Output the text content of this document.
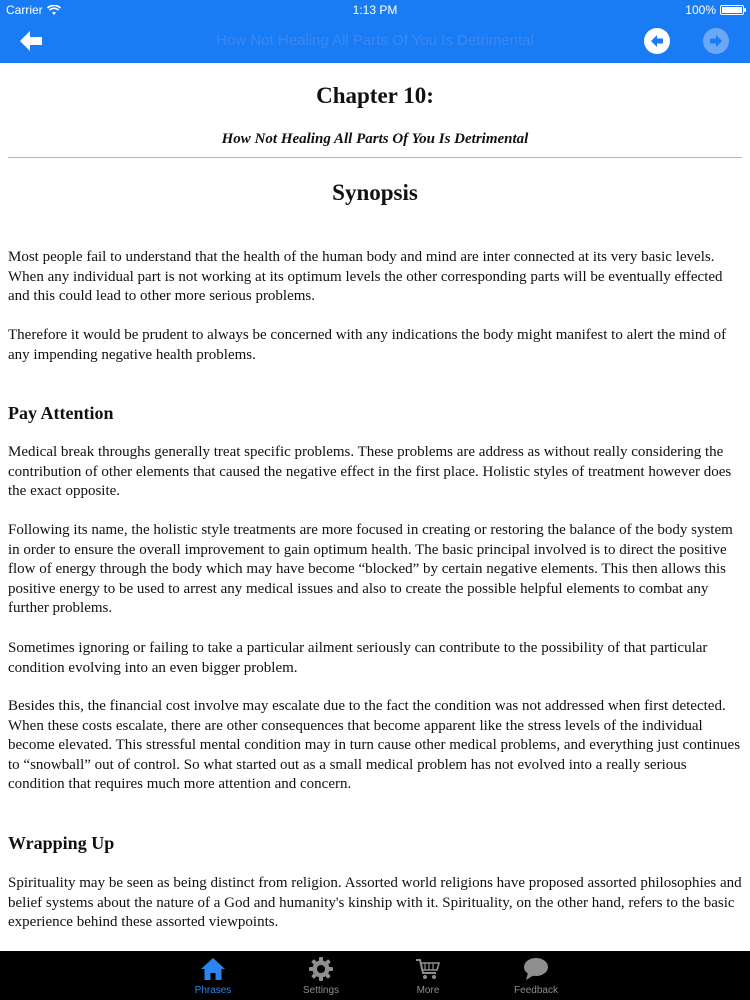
Carrier	1:13 PM	100%
How Not Healing All Parts Of You Is Detrimental
Chapter 10:

How Not Healing All Parts Of You Is Detrimental

Synopsis

Most people fail to understand that the health of the human body and mind are inter connected at its very basic levels. When any individual part is not working at its optimum levels the other corresponding parts will be eventually effected and this could lead to other more serious problems.

Therefore it would be prudent to always be concerned with any indications the body might manifest to alert the mind of any impending negative health problems.

Pay Attention

Medical break throughs generally treat specific problems. These problems are address as without really considering the contribution of other elements that caused the negative effect in the first place. Holistic styles of treatment however does the exact opposite.

Following its name, the holistic style treatments are more focused in creating or restoring the balance of the body system in order to ensure the overall improvement to gain optimum health. The basic principal involved is to direct the positive flow of energy through the body which may have become “blocked” by certain negative elements. This then allows this positive energy to be used to arrest any medical issues and also to create the possible helpful elements to combat any further problems.

Sometimes ignoring or failing to take a particular ailment seriously can contribute to the possibility of that particular condition evolving into an even bigger problem.

Besides this, the financial cost involve may escalate due to the fact the condition was not addressed when first detected. When these costs escalate, there are other consequences that become apparent like the stress levels of the individual become elevated. This stressful mental condition may in turn cause other medical problems, and everything just continues to “snowball” out of control. So what started out as a small medical problem has not evolved into a really serious condition that requires much more attention and concern.

Wrapping Up

Spirituality may be seen as being distinct from religion. Assorted world religions have proposed assorted philosophies and belief systems about the nature of a God and humanity's kinship with it. Spirituality, on the other hand, refers to the basic experience behind these assorted viewpoints.

Phrases	Settings	More	Feedback
